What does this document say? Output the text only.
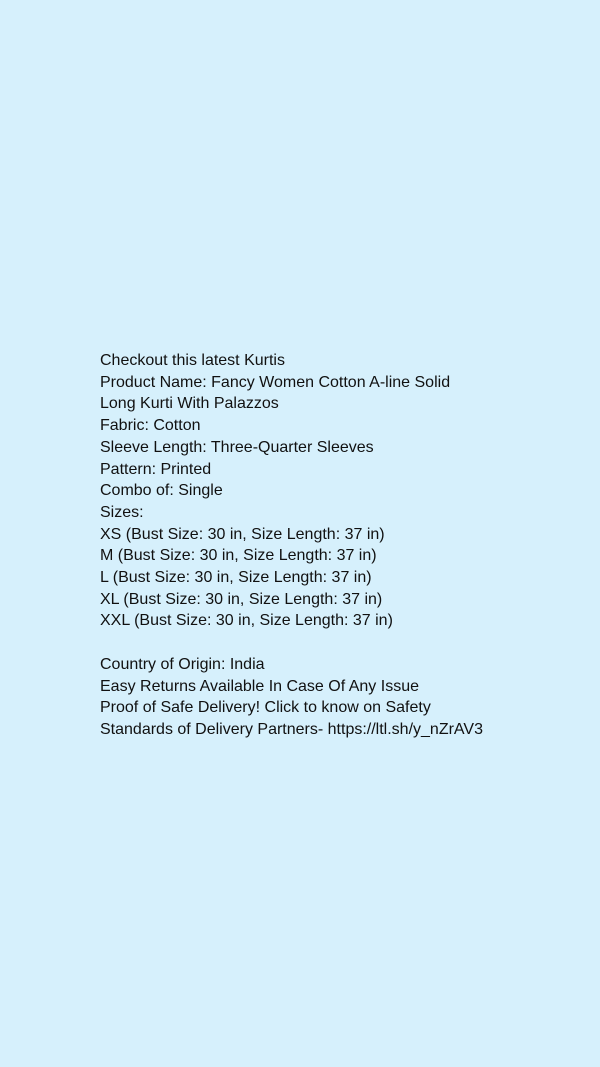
Checkout this latest Kurtis
Product Name: Fancy Women Cotton A-line Solid
Long Kurti With Palazzos
Fabric: Cotton
Sleeve Length: Three-Quarter Sleeves
Pattern: Printed
Combo of: Single
Sizes:
XS (Bust Size: 30 in, Size Length: 37 in)
M (Bust Size: 30 in, Size Length: 37 in)
L (Bust Size: 30 in, Size Length: 37 in)
XL (Bust Size: 30 in, Size Length: 37 in)
XXL (Bust Size: 30 in, Size Length: 37 in)
Country of Origin: India
Easy Returns Available In Case Of Any Issue
Proof of Safe Delivery! Click to know on Safety
Standards of Delivery Partners- https://ltl.sh/y_nZrAV3
